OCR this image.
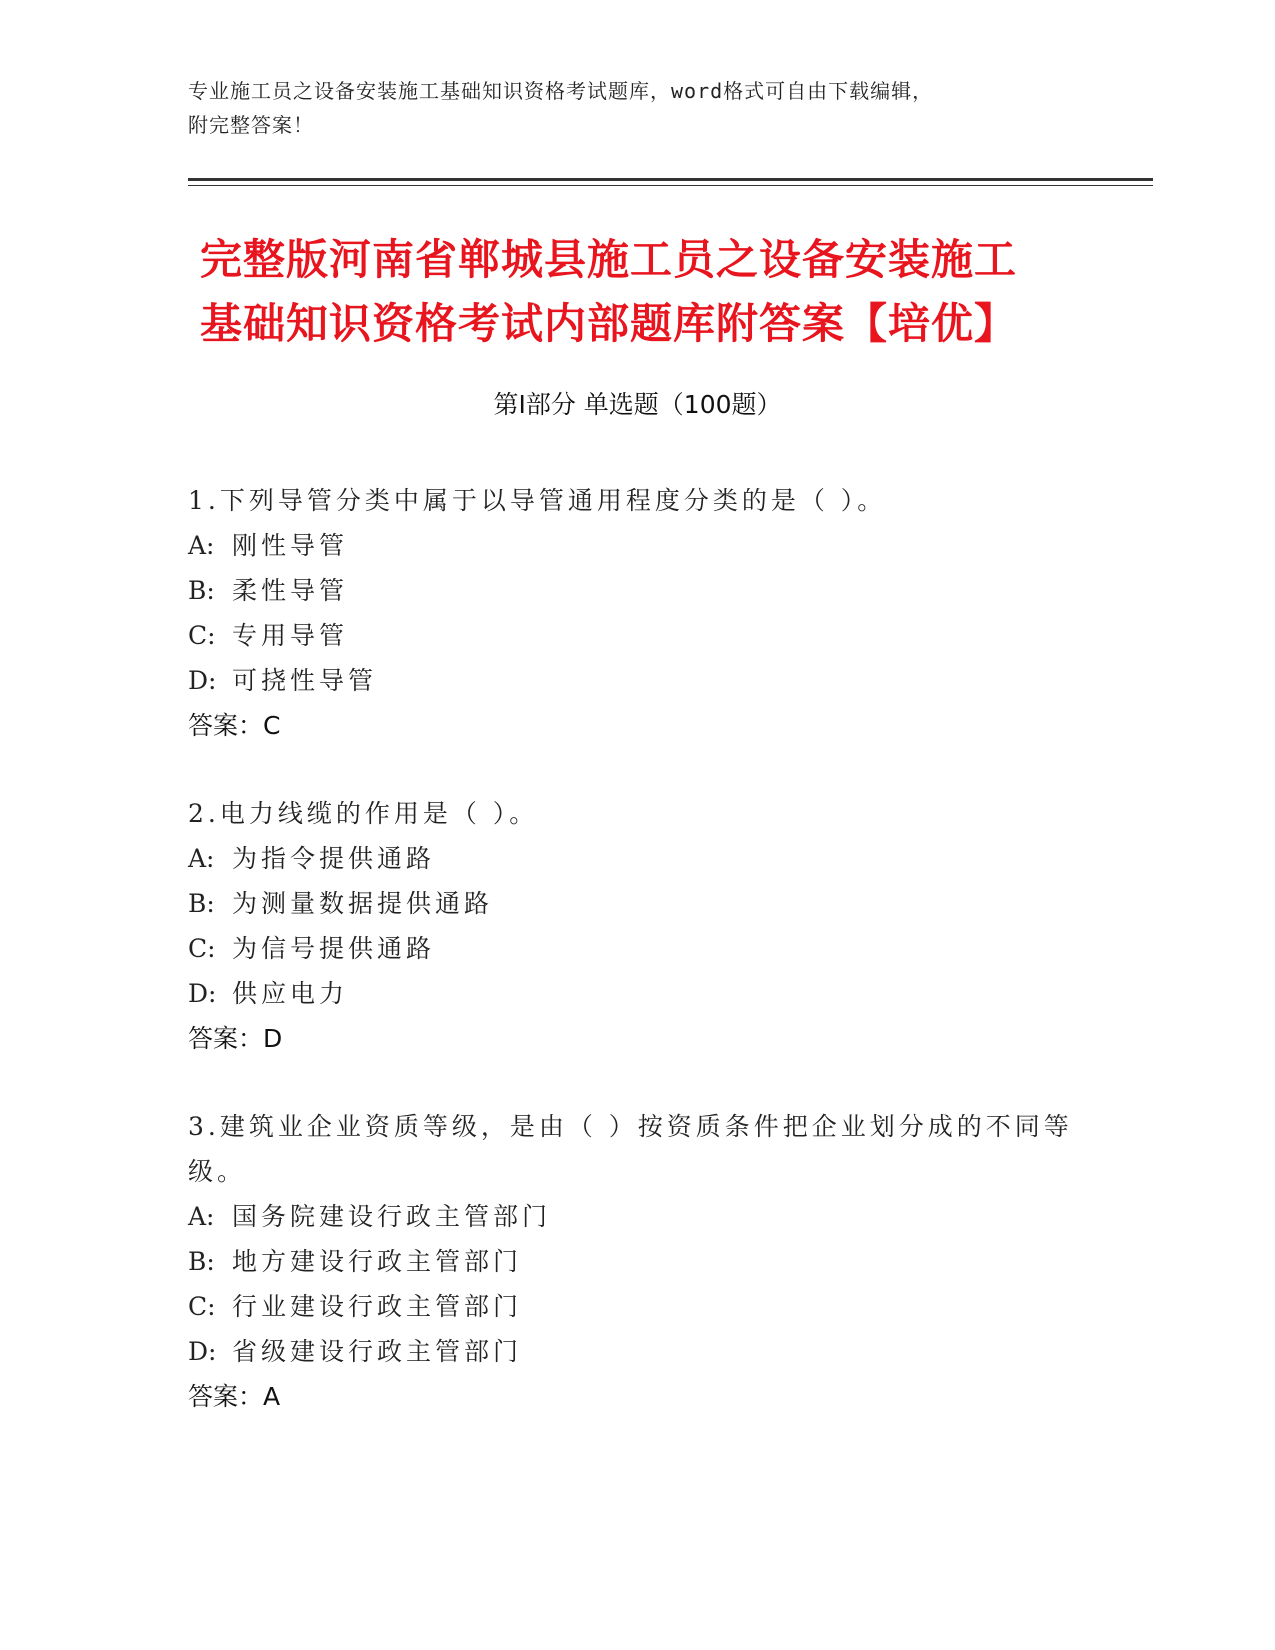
专业施工员之设备安装施工基础知识资格考试题库，word格式可自由下载编辑，
附完整答案！
完整版河南省郸城县施工员之设备安装施工
基础知识资格考试内部题库附答案【培优】
第Ⅰ部分 单选题（100题）
1.下列导管分类中属于以导管通用程度分类的是（ ）。
A: 刚性导管
B: 柔性导管
C: 专用导管
D: 可挠性导管
答案：C
2.电力线缆的作用是（ ）。
A: 为指令提供通路
B: 为测量数据提供通路
C: 为信号提供通路
D: 供应电力
答案：D
3.建筑业企业资质等级，是由（ ）按资质条件把企业划分成的不同等级。
A: 国务院建设行政主管部门
B: 地方建设行政主管部门
C: 行业建设行政主管部门
D: 省级建设行政主管部门
答案：A
